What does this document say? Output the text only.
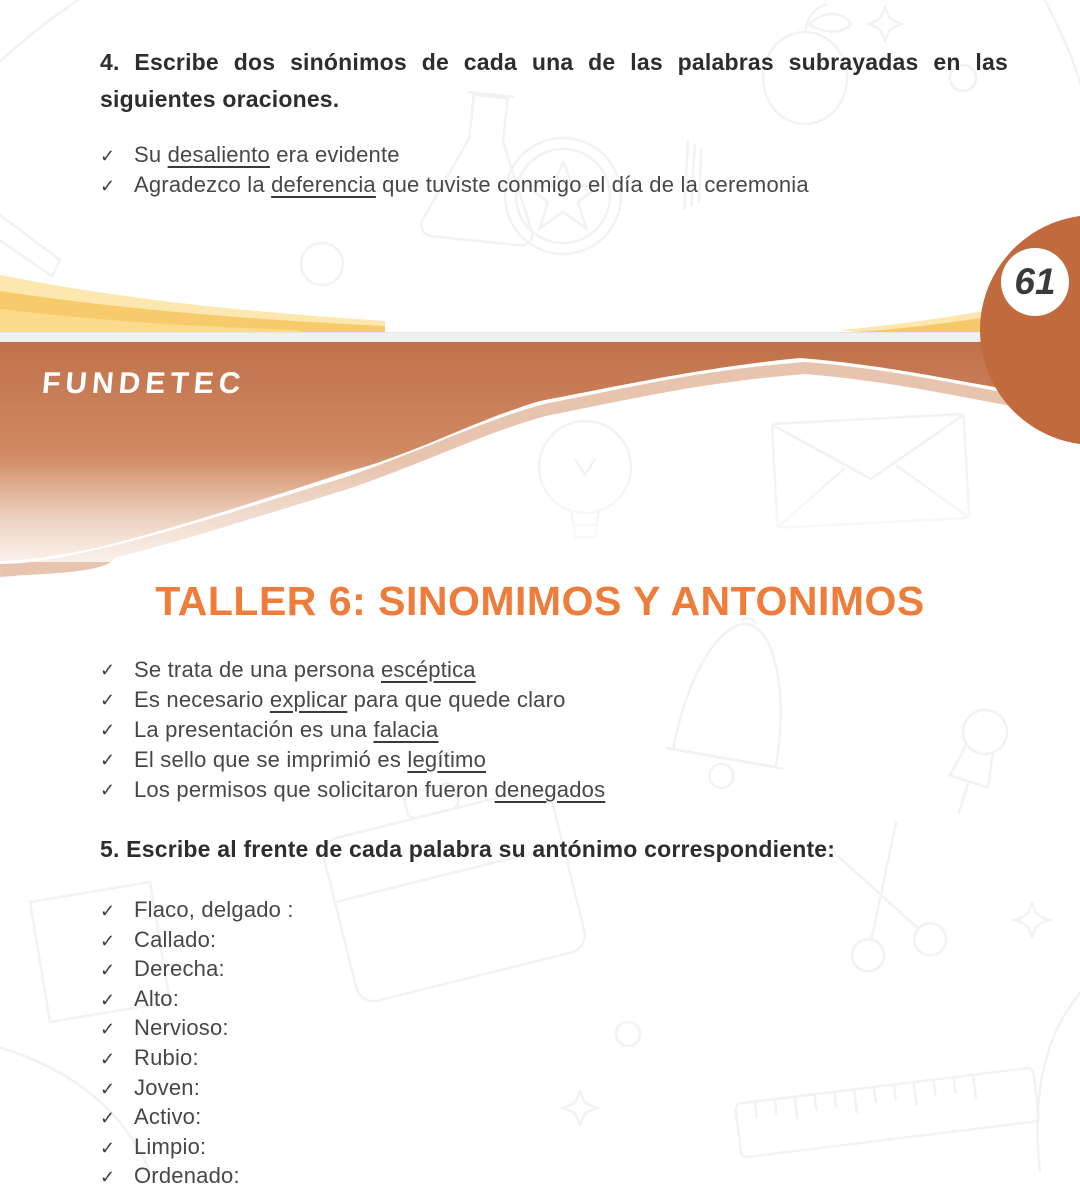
4. Escribe dos sinónimos de cada una de las palabras subrayadas en las
siguientes oraciones.
✓ Su desaliento era evidente
✓ Agradezco la deferencia que tuviste conmigo el día de la ceremonia
61
FUNDETEC
TALLER 6: SINOMIMOS Y ANTONIMOS
✓ Se trata de una persona escéptica
✓ Es necesario explicar para que quede claro
✓ La presentación es una falacia
✓ El sello que se imprimió es legítimo
✓ Los permisos que solicitaron fueron denegados
5. Escribe al frente de cada palabra su antónimo correspondiente:
✓ Flaco, delgado :
✓ Callado:
✓ Derecha:
✓ Alto:
✓ Nervioso:
✓ Rubio:
✓ Joven:
✓ Activo:
✓ Limpio:
✓ Ordenado:
